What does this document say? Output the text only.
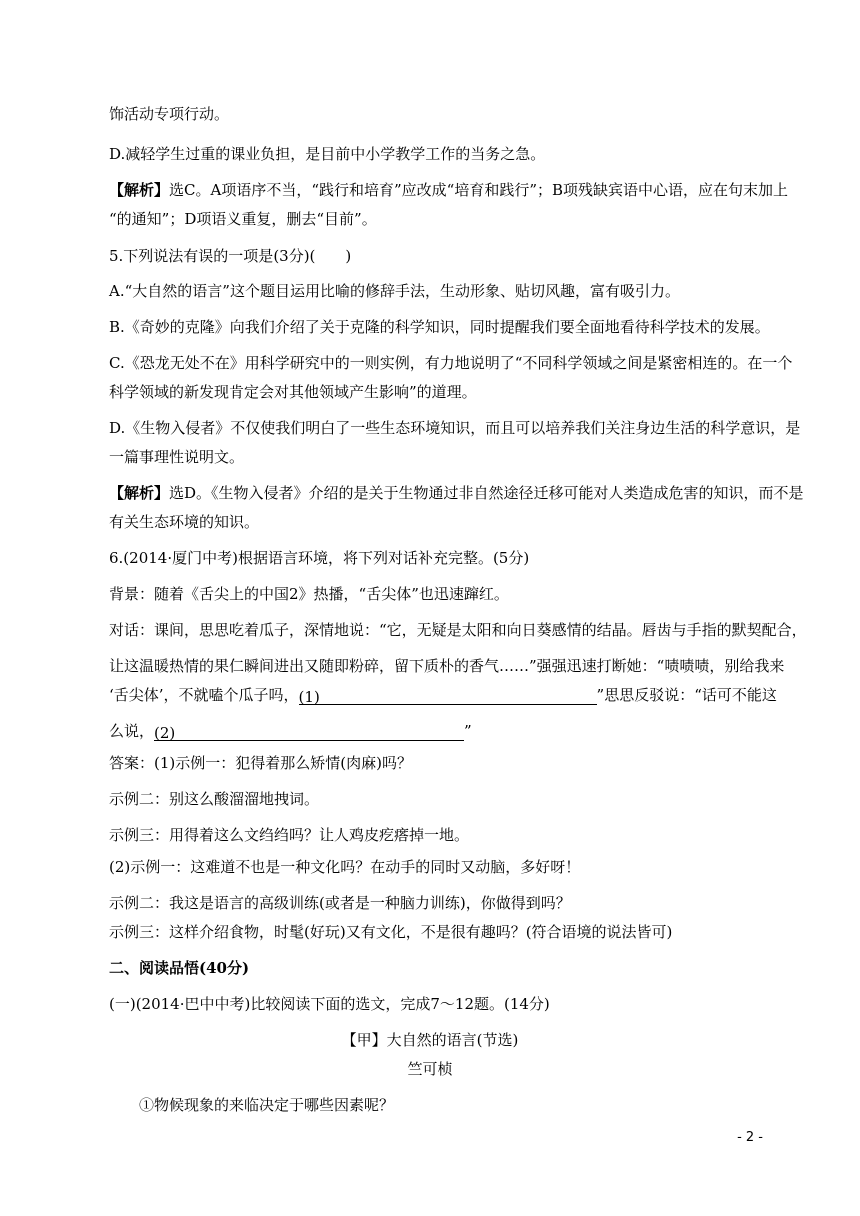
饰活动专项行动。
D.减轻学生过重的课业负担，是目前中小学教学工作的当务之急。
【解析】选C。A项语序不当，“践行和培育”应改成“培育和践行”；B项残缺宾语中心语，应在句末加上
“的通知”；D项语义重复，删去“目前”。
5.下列说法有误的一项是(3分)(　　)
A.“大自然的语言”这个题目运用比喻的修辞手法，生动形象、贴切风趣，富有吸引力。
B.《奇妙的克隆》向我们介绍了关于克隆的科学知识，同时提醒我们要全面地看待科学技术的发展。
C.《恐龙无处不在》用科学研究中的一则实例，有力地说明了“不同科学领域之间是紧密相连的。在一个
科学领域的新发现肯定会对其他领域产生影响”的道理。
D.《生物入侵者》不仅使我们明白了一些生态环境知识，而且可以培养我们关注身边生活的科学意识，是
一篇事理性说明文。
【解析】选D。《生物入侵者》介绍的是关于生物通过非自然途径迁移可能对人类造成危害的知识，而不是
有关生态环境的知识。
6.(2014·厦门中考)根据语言环境，将下列对话补充完整。(5分)
背景：随着《舌尖上的中国2》热播，“舌尖体”也迅速蹿红。
对话：课间，思思吃着瓜子，深情地说：“它，无疑是太阳和向日葵感情的结晶。唇齿与手指的默契配合，
让这温暖热情的果仁瞬间进出又随即粉碎，留下质朴的香气……”强强迅速打断她：“啧啧啧，别给我来
‘舌尖体’，不就嗑个瓜子吗，(1)	”思思反驳说：“话可不能这
么说，(2)	”
答案：(1)示例一：犯得着那么矫情(肉麻)吗？
示例二：别这么酸溜溜地拽词。
示例三：用得着这么文绉绉吗？让人鸡皮疙瘩掉一地。
(2)示例一：这难道不也是一种文化吗？在动手的同时又动脑，多好呀！
示例二：我这是语言的高级训练(或者是一种脑力训练)，你做得到吗？
示例三：这样介绍食物，时髦(好玩)又有文化，不是很有趣吗？(符合语境的说法皆可)
二、阅读品悟(40分)
(一)(2014·巴中中考)比较阅读下面的选文，完成7～12题。(14分)
【甲】大自然的语言(节选)
竺可桢
①物候现象的来临决定于哪些因素呢？
- 2 -
